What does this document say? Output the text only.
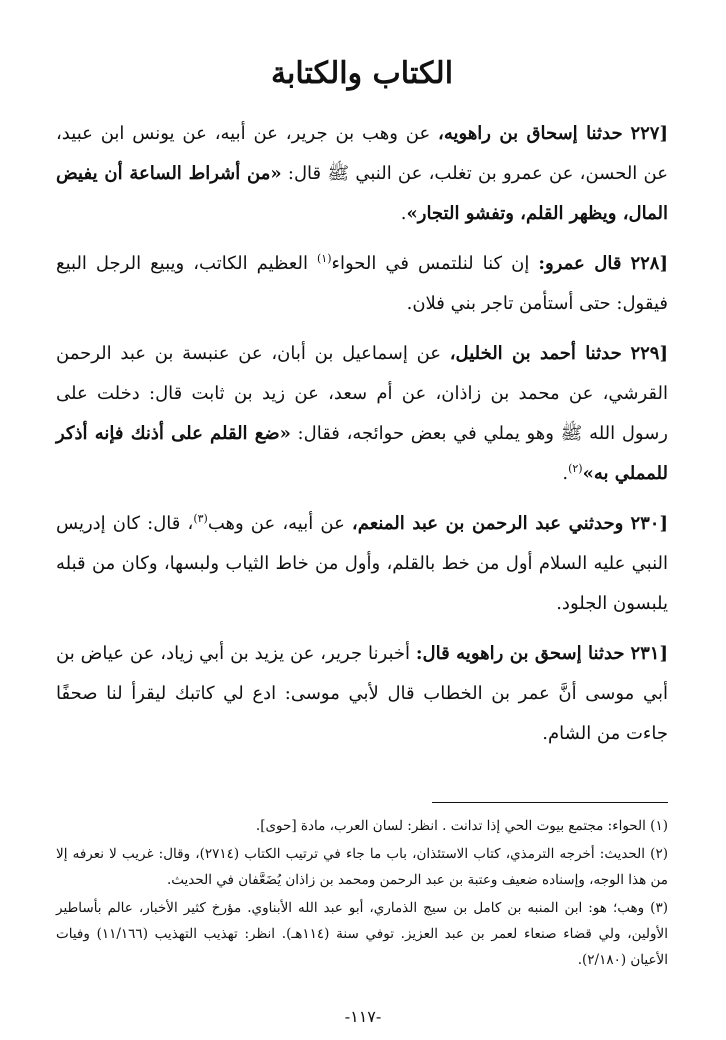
الكتاب والكتابة

[٢٢٧ حدثنا إسحاق بن راهويه، عن وهب بن جرير، عن أبيه، عن يونس ابن عبيد، عن الحسن، عن عمرو بن تغلب، عن النبي ﷺ قال: «من أشراط الساعة أن يفيض المال، ويظهر القلم، وتفشو التجار».

[٢٢٨ قال عمرو: إن كنا لنلتمس في الحواء$^{(١)}$ العظيم الكاتب، ويبيع الرجل البيع فيقول: حتى أستأمن تاجر بني فلان.

[٢٢٩ حدثنا أحمد بن الخليل، عن إسماعيل بن أبان، عن عنبسة بن عبد الرحمن القرشي، عن محمد بن زاذان، عن أم سعد، عن زيد بن ثابت قال: دخلت على رسول الله ﷺ وهو يملي في بعض حوائجه، فقال: «ضع القلم على أذنك فإنه أذكر للمملي به»$^{(٢)}$.

[٢٣٠ وحدثني عبد الرحمن بن عبد المنعم، عن أبيه، عن وهب$^{(٣)}$، قال: كان إدريس النبي عليه السلام أول من خط بالقلم، وأول من خاط الثياب ولبسها، وكان من قبله يلبسون الجلود.

[٢٣١ حدثنا إسحق بن راهويه قال: أخبرنا جرير، عن يزيد بن أبي زياد، عن عياض بن أبي موسى أنَّ عمر بن الخطاب قال لأبي موسى: ادع لي كاتبك ليقرأ لنا صحفًا جاءت من الشام.

(١) الحواء: مجتمع بيوت الحي إذا تدانت . انظر: لسان العرب، مادة [حوى].

(٢) الحديث: أخرجه الترمذي، كتاب الاستئذان، باب ما جاء في ترتيب الكتاب (٢٧١٤)، وقال: غريب لا نعرفه إلا من هذا الوجه، وإسناده ضعيف وعتبة بن عبد الرحمن ومحمد بن زاذان يُضَعَّفان في الحديث.

(٣) وهب؛ هو: ابن المنبه بن كامل بن سيج الذماري، أبو عبد الله الأبناوي. مؤرخ كثير الأخبار، عالم بأساطير الأولين، ولي قضاء صنعاء لعمر بن عبد العزيز. توفي سنة (١١٤هـ). انظر: تهذيب التهذيب (١١/١٦٦) وفيات الأعيان (٢/١٨٠).

-١١٧-
